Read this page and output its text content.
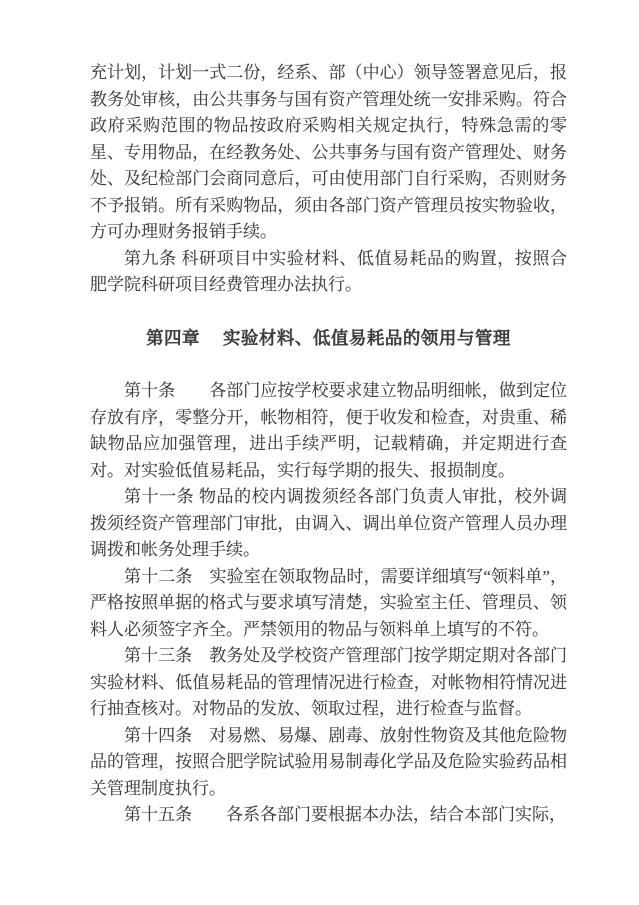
充计划，计划一式二份，经系、部（中心）领导签署意见后，报教务处审核，由公共事务与国有资产管理处统一安排采购。符合政府采购范围的物品按政府采购相关规定执行，特殊急需的零星、专用物品，在经教务处、公共事务与国有资产管理处、财务处、及纪检部门会商同意后，可由使用部门自行采购，否则财务不予报销。所有采购物品，须由各部门资产管理员按实物验收，方可办理财务报销手续。

第九条 科研项目中实验材料、低值易耗品的购置，按照合肥学院科研项目经费管理办法执行。

第四章　 实验材料、低值易耗品的领用与管理

第十条　　各部门应按学校要求建立物品明细帐，做到定位存放有序，零整分开，帐物相符，便于收发和检查，对贵重、稀缺物品应加强管理，进出手续严明，记载精确，并定期进行查对。对实验低值易耗品，实行每学期的报失、报损制度。

第十一条 物品的校内调拨须经各部门负责人审批，校外调拨须经资产管理部门审批，由调入、调出单位资产管理人员办理调拨和帐务处理手续。

第十二条　实验室在领取物品时，需要详细填写“领料单”，严格按照单据的格式与要求填写清楚，实验室主任、管理员、领料人必须签字齐全。严禁领用的物品与领料单上填写的不符。

第十三条　教务处及学校资产管理部门按学期定期对各部门实验材料、低值易耗品的管理情况进行检查，对帐物相符情况进行抽查核对。对物品的发放、领取过程，进行检查与监督。

第十四条　对易燃、易爆、剧毒、放射性物资及其他危险物品的管理，按照合肥学院试验用易制毒化学品及危险实验药品相关管理制度执行。

第十五条　　各系各部门要根据本办法，结合本部门实际，
